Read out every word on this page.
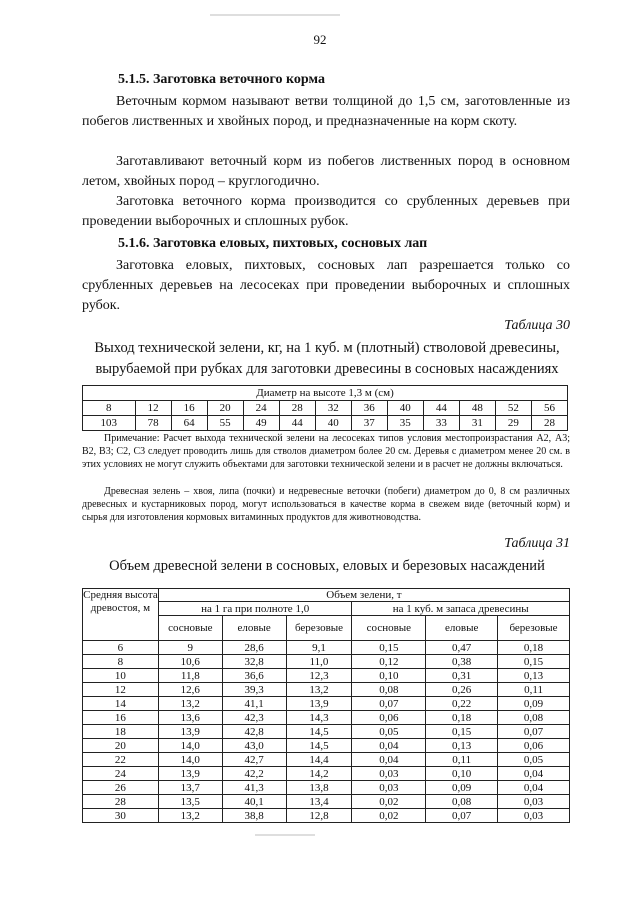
92
5.1.5. Заготовка веточного корма
Веточным кормом называют ветви толщиной до 1,5 см, заготовленные из побегов лиственных и хвойных пород, и предназначенные на корм скоту.
Заготавливают веточный корм из побегов лиственных пород в основном летом, хвойных пород – круглогодично.
Заготовка веточного корма производится со срубленных деревьев при проведении выборочных и сплошных рубок.
5.1.6. Заготовка еловых, пихтовых, сосновых лап
Заготовка еловых, пихтовых, сосновых лап разрешается только со срубленных деревьев на лесосеках при проведении выборочных и сплошных рубок.
Таблица 30
Выход технической зелени, кг, на 1 куб. м (плотный) стволовой древесины, вырубаемой при рубках для заготовки древесины в сосновых насаждениях
Диаметр на высоте 1,3 м (см)												
8	12	16	20	24	28	32	36	40	44	48	52	56
103	78	64	55	49	44	40	37	35	33	31	29	28
Примечание: Расчет выхода технической зелени на лесосеках типов условия местопроизрастания А2, А3; В2, В3; С2, С3 следует проводить лишь для стволов диаметром более 20 см. Деревья с диаметром менее 20 см. в этих условиях не могут служить объектами для заготовки технической зелени и в расчет не должны включаться.
Древесная зелень – хвоя, липа (почки) и недревесные веточки (побеги) диаметром до 0, 8 см различных древесных и кустарниковых пород, могут использоваться в качестве корма в свежем виде (веточный корм) и сырья для изготовления кормовых витаминных продуктов для животноводства.
Таблица 31
Объем древесной зелени в сосновых, еловых и березовых насаждений
Средняя высота древостоя, м	Объем зелени, т					
	на 1 га при полноте 1,0			на 1 куб. м запаса древесины		
	сосновые	еловые	березовые	сосновые	еловые	березовые
6	9	28,6	9,1	0,15	0,47	0,18
8	10,6	32,8	11,0	0,12	0,38	0,15
10	11,8	36,6	12,3	0,10	0,31	0,13
12	12,6	39,3	13,2	0,08	0,26	0,11
14	13,2	41,1	13,9	0,07	0,22	0,09
16	13,6	42,3	14,3	0,06	0,18	0,08
18	13,9	42,8	14,5	0,05	0,15	0,07
20	14,0	43,0	14,5	0,04	0,13	0,06
22	14,0	42,7	14,4	0,04	0,11	0,05
24	13,9	42,2	14,2	0,03	0,10	0,04
26	13,7	41,3	13,8	0,03	0,09	0,04
28	13,5	40,1	13,4	0,02	0,08	0,03
30	13,2	38,8	12,8	0,02	0,07	0,03
